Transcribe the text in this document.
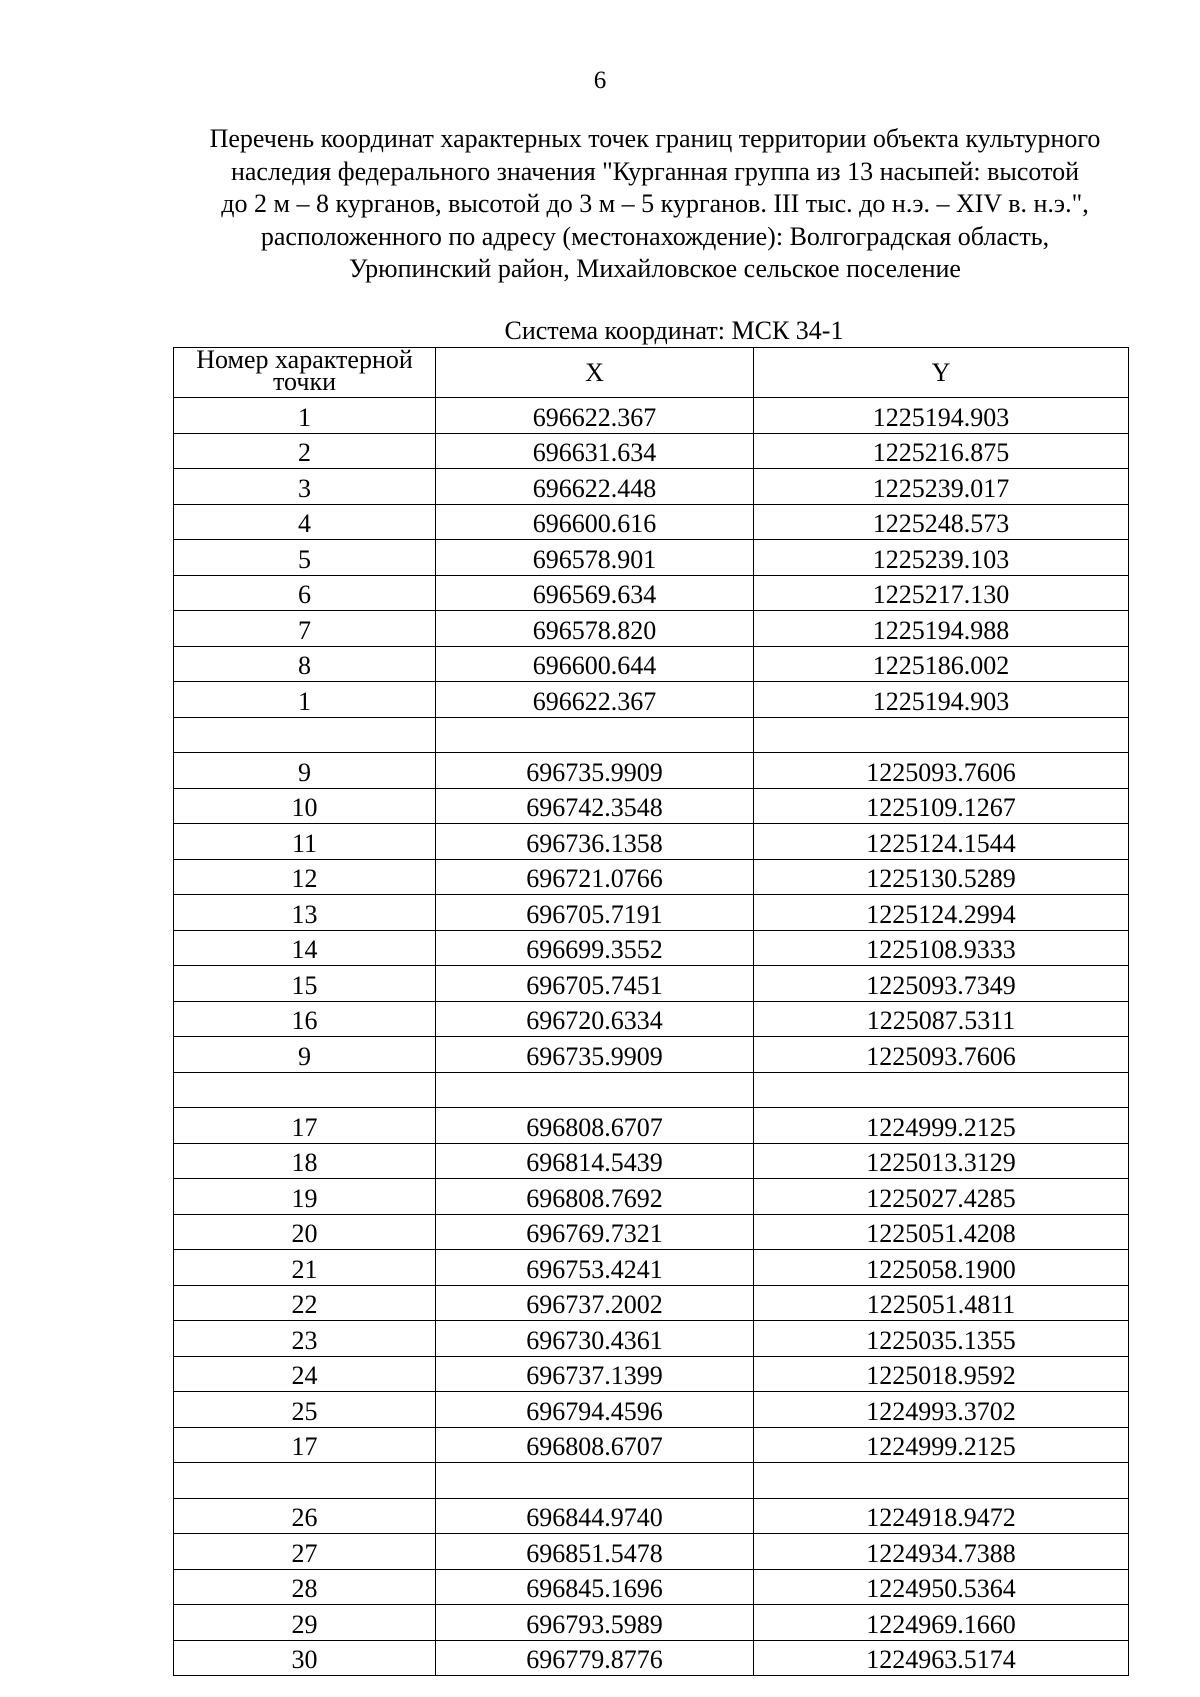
6
Перечень координат характерных точек границ территории объекта культурного
наследия федерального значения "Курганная группа из 13 насыпей: высотой
до 2 м – 8 курганов, высотой до 3 м – 5 курганов. III тыс. до н.э. – XIV в. н.э.",
расположенного по адресу (местонахождение): Волгоградская область,
Урюпинский район, Михайловское сельское поселение
Система координат: МСК 34-1
Номер характерной
точки	X	Y
1	696622.367	1225194.903
2	696631.634	1225216.875
3	696622.448	1225239.017
4	696600.616	1225248.573
5	696578.901	1225239.103
6	696569.634	1225217.130
7	696578.820	1225194.988
8	696600.644	1225186.002
1	696622.367	1225194.903

9	696735.9909	1225093.7606
10	696742.3548	1225109.1267
11	696736.1358	1225124.1544
12	696721.0766	1225130.5289
13	696705.7191	1225124.2994
14	696699.3552	1225108.9333
15	696705.7451	1225093.7349
16	696720.6334	1225087.5311
9	696735.9909	1225093.7606

17	696808.6707	1224999.2125
18	696814.5439	1225013.3129
19	696808.7692	1225027.4285
20	696769.7321	1225051.4208
21	696753.4241	1225058.1900
22	696737.2002	1225051.4811
23	696730.4361	1225035.1355
24	696737.1399	1225018.9592
25	696794.4596	1224993.3702
17	696808.6707	1224999.2125

26	696844.9740	1224918.9472
27	696851.5478	1224934.7388
28	696845.1696	1224950.5364
29	696793.5989	1224969.1660
30	696779.8776	1224963.5174
